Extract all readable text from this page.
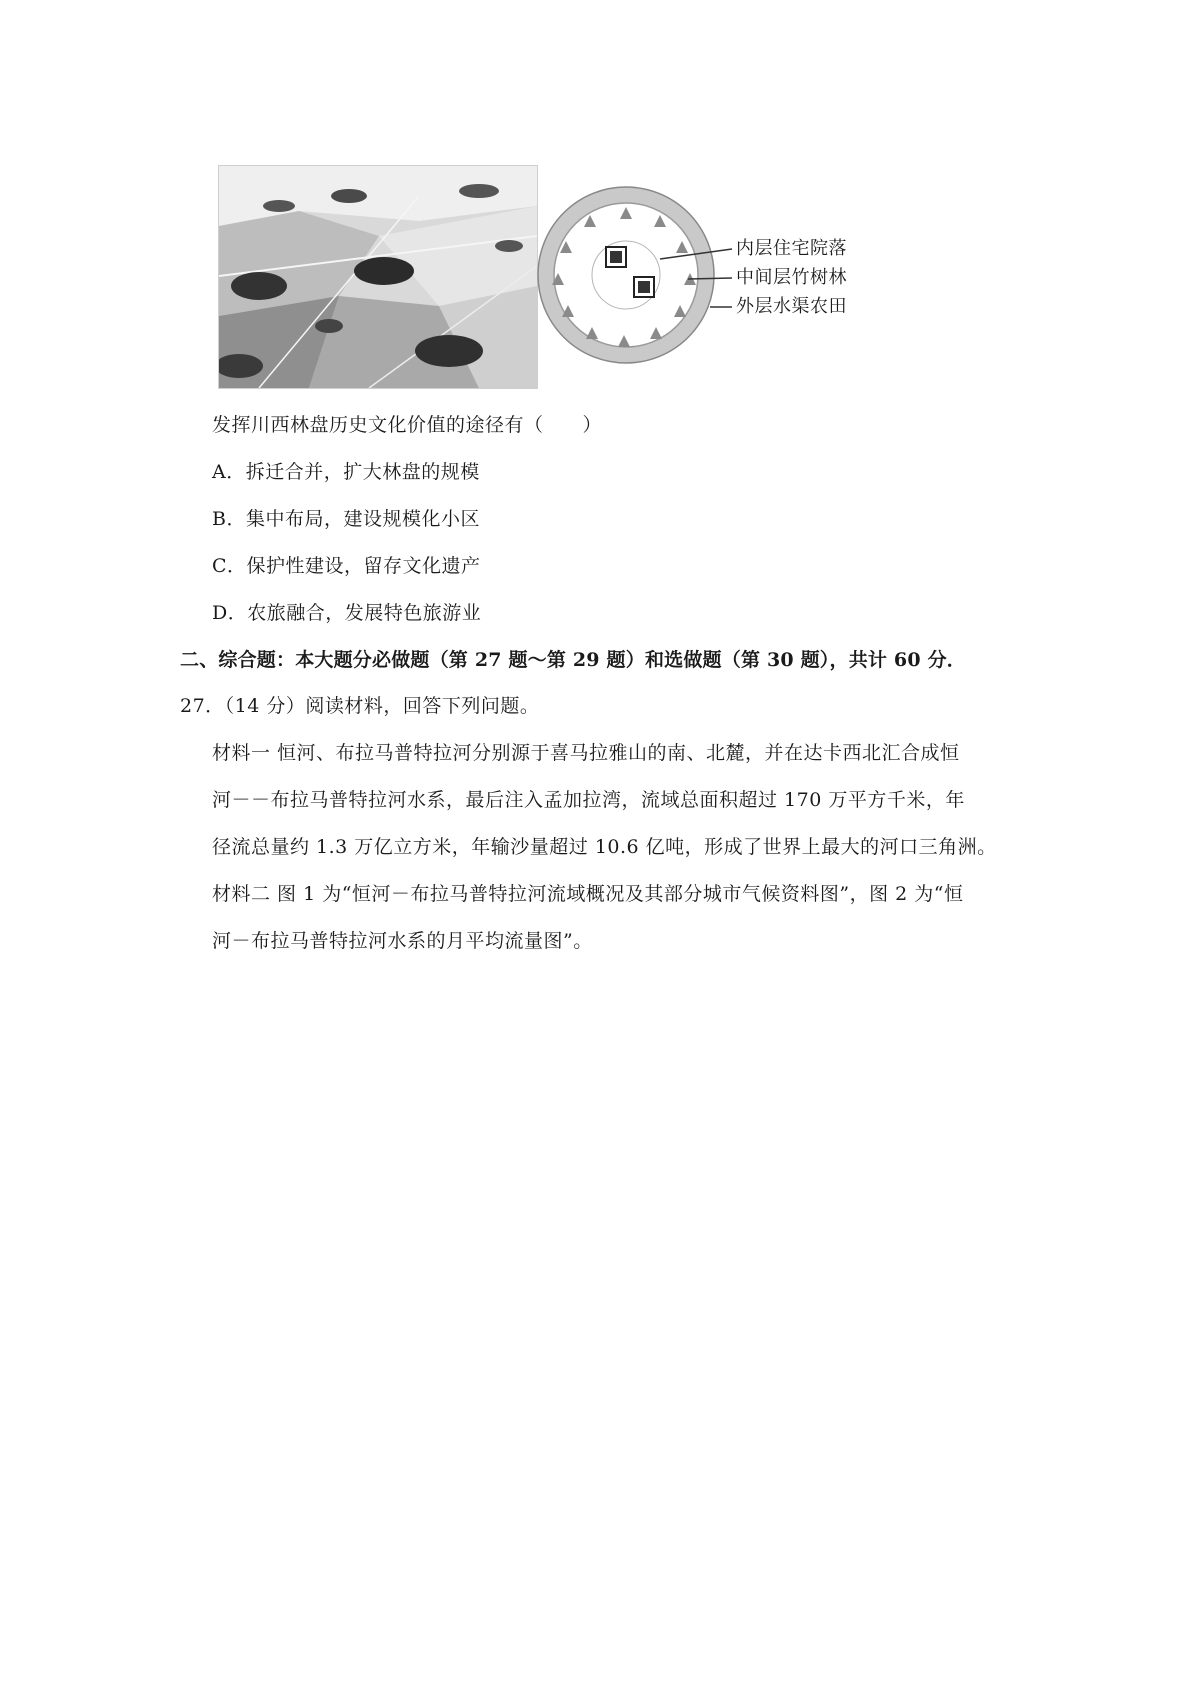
内层住宅院落
中间层竹树林
外层水渠农田
发挥川西林盘历史文化价值的途径有（　　）
A．拆迁合并，扩大林盘的规模
B．集中布局，建设规模化小区
C．保护性建设，留存文化遗产
D．农旅融合，发展特色旅游业
二、综合题：本大题分必做题（第 27 题～第 29 题）和选做题（第 30 题），共计 60 分．
27．（14 分）阅读材料，回答下列问题。
材料一 恒河、布拉马普特拉河分别源于喜马拉雅山的南、北麓，并在达卡西北汇合成恒
河－－布拉马普特拉河水系，最后注入孟加拉湾，流域总面积超过 170 万平方千米，年
径流总量约 1.3 万亿立方米，年输沙量超过 10.6 亿吨，形成了世界上最大的河口三角洲。
材料二 图 1 为“恒河－布拉马普特拉河流域概况及其部分城市气候资料图”，图 2 为“恒
河－布拉马普特拉河水系的月平均流量图”。
